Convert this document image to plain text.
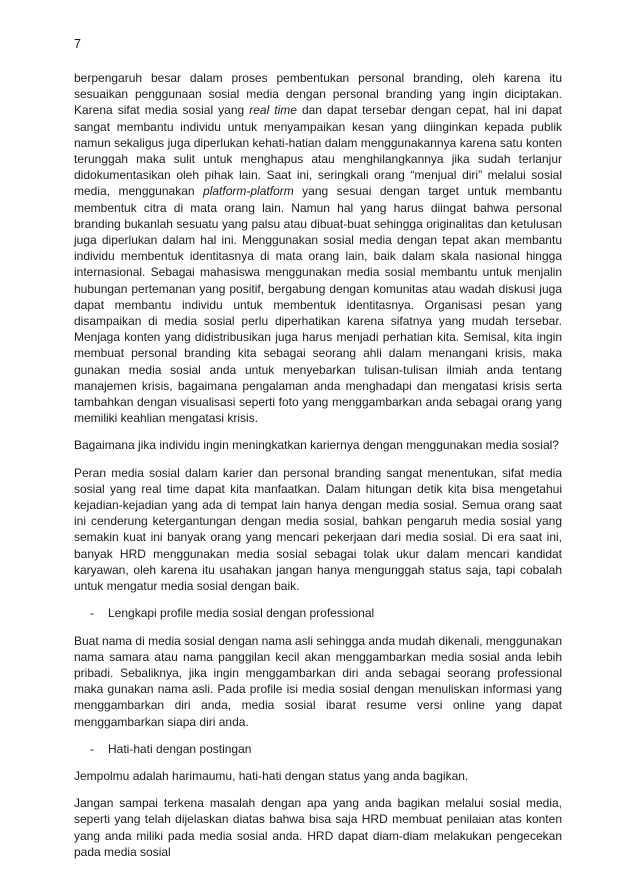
7

berpengaruh besar dalam proses pembentukan personal branding, oleh karena itu sesuaikan penggunaan sosial media dengan personal branding yang ingin diciptakan. Karena sifat media sosial yang real time dan dapat tersebar dengan cepat, hal ini dapat sangat membantu individu untuk menyampaikan kesan yang diinginkan kepada publik namun sekaligus juga diperlukan kehati-hatian dalam menggunakannya karena satu konten terunggah maka sulit untuk menghapus atau menghilangkannya jika sudah terlanjur didokumentasikan oleh pihak lain. Saat ini, seringkali orang “menjual diri” melalui sosial media, menggunakan platform-platform yang sesuai dengan target untuk membantu membentuk citra di mata orang lain. Namun hal yang harus diingat bahwa personal branding bukanlah sesuatu yang palsu atau dibuat-buat sehingga originalitas dan ketulusan juga diperlukan dalam hal ini. Menggunakan sosial media dengan tepat akan membantu individu membentuk identitasnya di mata orang lain, baik dalam skala nasional hingga internasional. Sebagai mahasiswa menggunakan media sosial membantu untuk menjalin hubungan pertemanan yang positif, bergabung dengan komunitas atau wadah diskusi juga dapat membantu individu untuk membentuk identitasnya. Organisasi pesan yang disampaikan di media sosial perlu diperhatikan karena sifatnya yang mudah tersebar. Menjaga konten yang didistribusikan juga harus menjadi perhatian kita. Semisal, kita ingin membuat personal branding kita sebagai seorang ahli dalam menangani krisis, maka gunakan media sosial anda untuk menyebarkan tulisan-tulisan ilmiah anda tentang manajemen krisis, bagaimana pengalaman anda menghadapi dan mengatasi krisis serta tambahkan dengan visualisasi seperti foto yang menggambarkan anda sebagai orang yang memiliki keahlian mengatasi krisis.

Bagaimana jika individu ingin meningkatkan kariernya dengan menggunakan media sosial?

Peran media sosial dalam karier dan personal branding sangat menentukan, sifat media sosial yang real time dapat kita manfaatkan. Dalam hitungan detik kita bisa mengetahui kejadian-kejadian yang ada di tempat lain hanya dengan media sosial. Semua orang saat ini cenderung ketergantungan dengan media sosial, bahkan pengaruh media sosial yang semakin kuat ini banyak orang yang mencari pekerjaan dari media sosial. Di era saat ini, banyak HRD menggunakan media sosial sebagai tolak ukur dalam mencari kandidat karyawan, oleh karena itu usahakan jangan hanya mengunggah status saja, tapi cobalah untuk mengatur media sosial dengan baik.

-	Lengkapi profile media sosial dengan professional

Buat nama di media sosial dengan nama asli sehingga anda mudah dikenali, menggunakan nama samara atau nama panggilan kecil akan menggambarkan media sosial anda lebih pribadi. Sebaliknya, jika ingin menggambarkan diri anda sebagai seorang professional maka gunakan nama asli. Pada profile isi media sosial dengan menuliskan informasi yang menggambarkan diri anda, media sosial ibarat resume versi online yang dapat menggambarkan siapa diri anda.

-	Hati-hati dengan postingan

Jempolmu adalah harimaumu, hati-hati dengan status yang anda bagikan.

Jangan sampai terkena masalah dengan apa yang anda bagikan melalui sosial media, seperti yang telah dijelaskan diatas bahwa bisa saja HRD membuat penilaian atas konten yang anda miliki pada media sosial anda. HRD dapat diam-diam melakukan pengecekan pada media sosial
